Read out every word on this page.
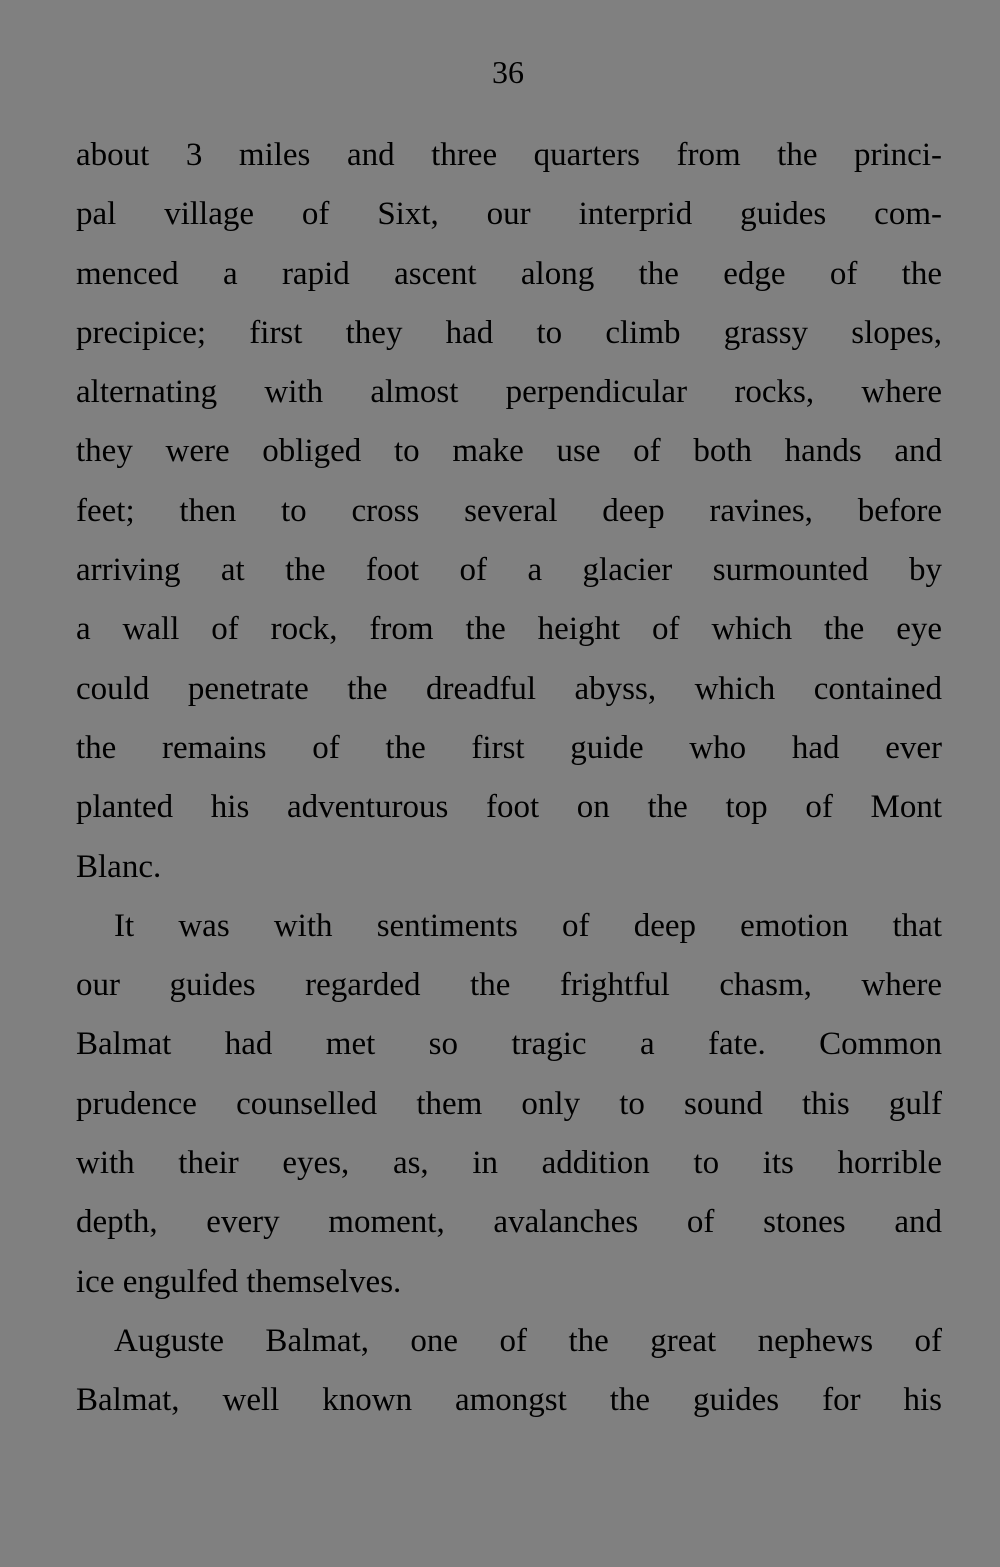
36
about 3 miles and three quarters from the princi-
pal village of Sixt, our interprid guides com-
menced a rapid ascent along the edge of the
precipice; first they had to climb grassy slopes,
alternating with almost perpendicular rocks, where
they were obliged to make use of both hands and
feet; then to cross several deep ravines, before
arriving at the foot of a glacier surmounted by
a wall of rock, from the height of which the eye
could penetrate the dreadful abyss, which contained
the remains of the first guide who had ever
planted his adventurous foot on the top of Mont
Blanc.
It was with sentiments of deep emotion that
our guides regarded the frightful chasm, where
Balmat had met so tragic a fate. Common
prudence counselled them only to sound this gulf
with their eyes, as, in addition to its horrible
depth, every moment, avalanches of stones and
ice engulfed themselves.
Auguste Balmat, one of the great nephews of
Balmat, well known amongst the guides for his
